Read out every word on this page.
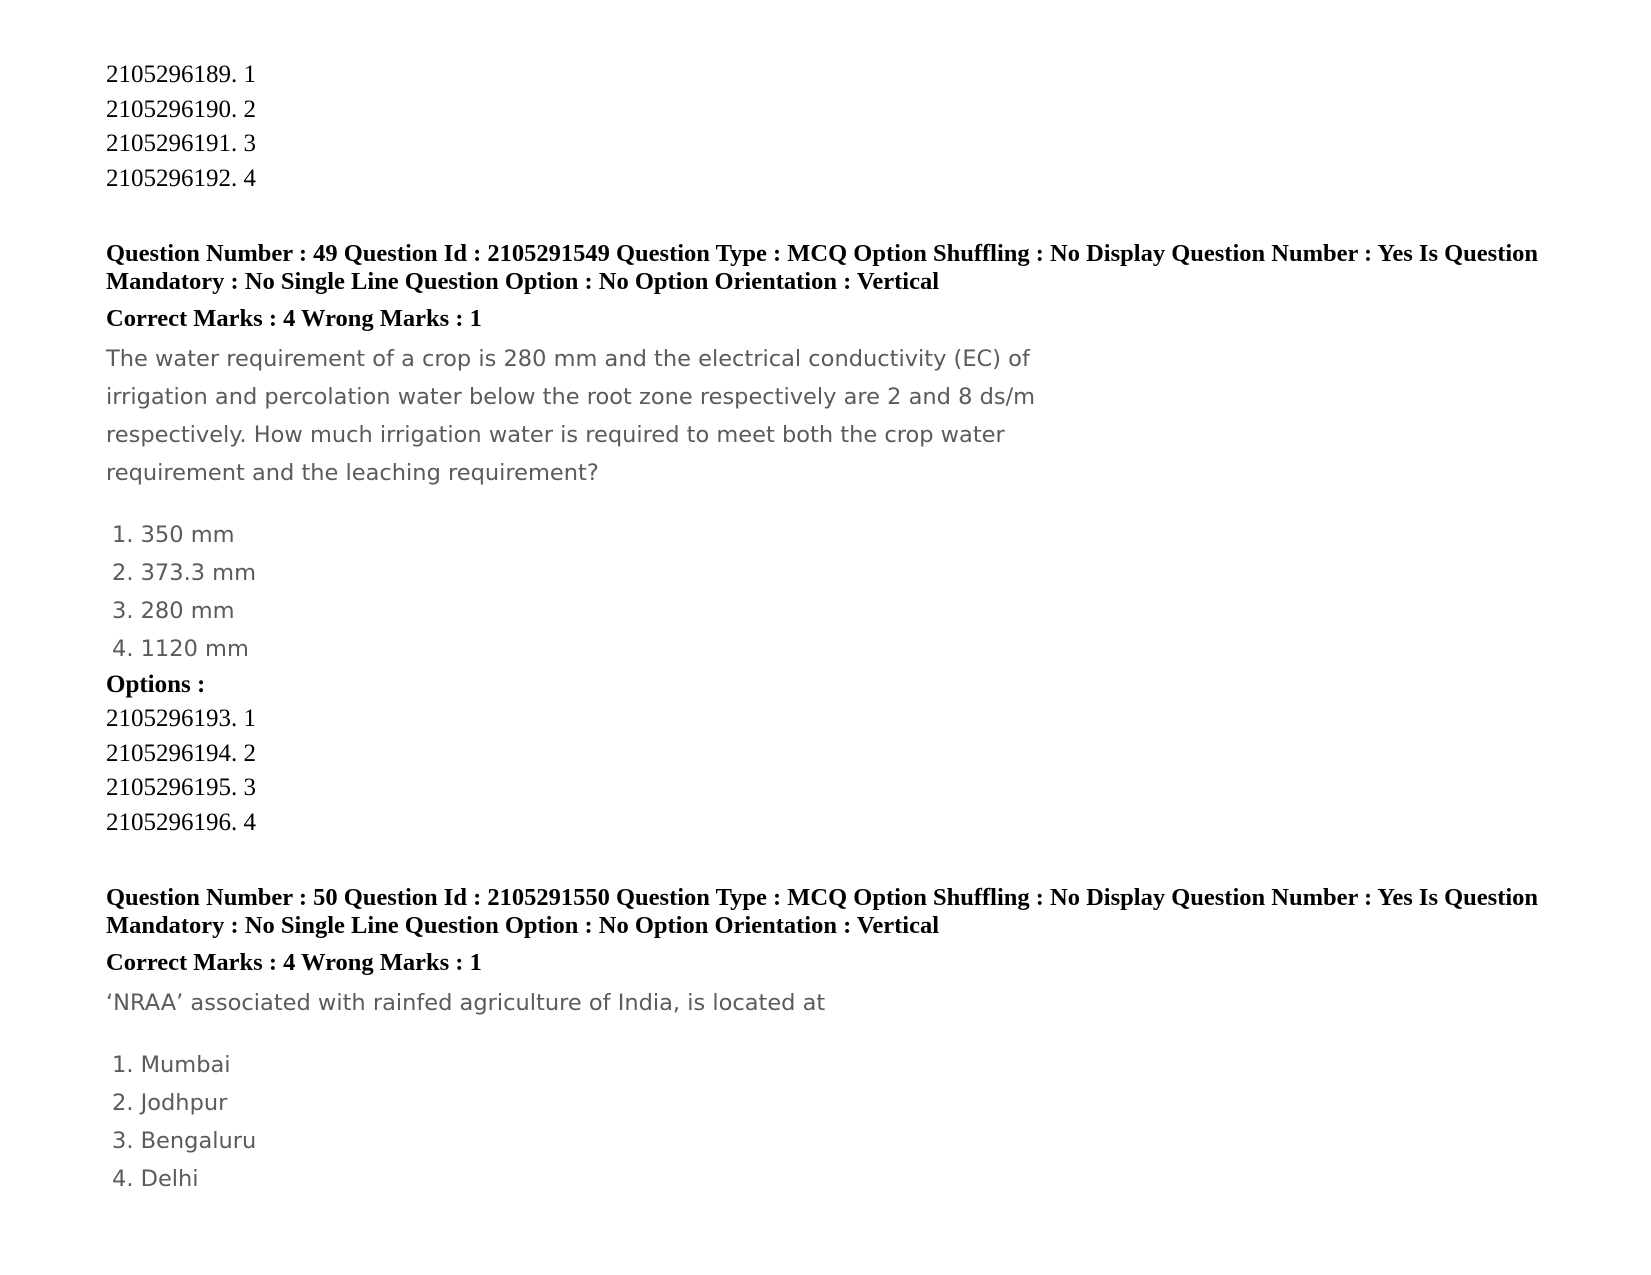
2105296189. 1
2105296190. 2
2105296191. 3
2105296192. 4
Question Number : 49 Question Id : 2105291549 Question Type : MCQ Option Shuffling : No Display Question Number : Yes Is Question Mandatory : No Single Line Question Option : No Option Orientation : Vertical
Correct Marks : 4 Wrong Marks : 1
The water requirement of a crop is 280 mm and the electrical conductivity (EC) of irrigation and percolation water below the root zone respectively are 2 and 8 ds/m respectively. How much irrigation water is required to meet both the crop water requirement and the leaching requirement?
1. 350 mm
2. 373.3 mm
3. 280 mm
4. 1120 mm
Options :
2105296193. 1
2105296194. 2
2105296195. 3
2105296196. 4
Question Number : 50 Question Id : 2105291550 Question Type : MCQ Option Shuffling : No Display Question Number : Yes Is Question Mandatory : No Single Line Question Option : No Option Orientation : Vertical
Correct Marks : 4 Wrong Marks : 1
‘NRAA’ associated with rainfed agriculture of India, is located at
1. Mumbai
2. Jodhpur
3. Bengaluru
4. Delhi
